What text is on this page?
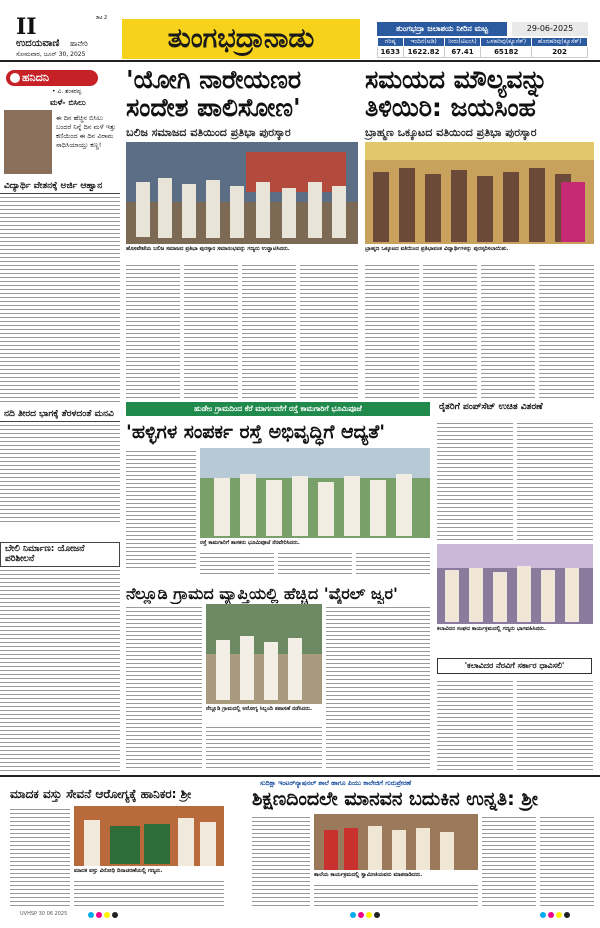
II	ಡಿಟಿ 2
ಉದಯವಾಣಿ ಹಾವೇರಿ
ಸೋಮವಾರ, ಜೂನ್ 30, 2025
ತುಂಗಭದ್ರಾನಾಡು	ತುಂಗಭದ್ರಾ ಜಲಾಶಯ ನೀರಿನ ಮಟ್ಟ	29-06-2025
ಗರಿಷ್ಠ	ಇಂದಿನ(ಅಡಿ)	ನೀರು(ಟಿಎಂಸಿ)	ಒಳಹರಿವು(ಕ್ಯೂಸೆಕ್)	ಹೊರಹರಿವು(ಕ್ಯೂಸೆಕ್)
1633	1622.82	67.41	65182	202
ಹನಿದನಿ
• ವಿ. ಶಂಕರಪ್ಪ
ಮಳೆ- ಬಿಸಿಲು
ಈ ದಿನ ಹೆಚ್ಚಿನ ಬಿಸಿಲು ಬಂದರೆ ನಿನ್ನೆ ದಿನ ಮಳೆ ಇತ್ತು ಕಣಿಯಿಂದ ಈ ದಿನ ವಿರಾಮ ಸಾಧಿಸಿಯಾಯ್ತು ಕಣ್ಣ!
ವಿದ್ಯಾರ್ಥಿ ವೇತನಕ್ಕೆ ಅರ್ಜಿ ಆಹ್ವಾನ
ನದಿ ತೀರದ ಭಾಗಕ್ಕೆ ತೆರಳದಂತೆ ಮನವಿ
ಬೇಲಿ ನಿರ್ಮಾಣ: ಯೋಜನೆ ಪರಿಶೀಲನೆ
'ಯೋಗಿ ನಾರೇಯಣರ ಸಂದೇಶ ಪಾಲಿಸೋಣ'
ಬಲಿಜ ಸಮಾಜದ ವತಿಯಿಂದ ಪ್ರತಿಭಾ ಪುರಸ್ಕಾರ
ಹೊಸಪೇಟೆಯ ಬಲಿಜ ಸಮಾಜದ ಪ್ರತಿಭಾ ಪುರಸ್ಕಾರ ಸಮಾರಂಭವನ್ನು ಗಣ್ಯರು ಉದ್ಘಾಟಿಸಿದರು.
ಸಮಯದ ಮೌಲ್ಯವನ್ನು ತಿಳಿಯಿರಿ: ಜಯಸಿಂಹ
ಬ್ರಾಹ್ಮಣ ಒಕ್ಕೂಟದ ವತಿಯಿಂದ ಪ್ರತಿಭಾ ಪುರಸ್ಕಾರ
ಬ್ರಾಹ್ಮಣ ಒಕ್ಕೂಟದ ವತಿಯಿಂದ ಪ್ರತಿಭಾವಂತ ವಿದ್ಯಾರ್ಥಿಗಳನ್ನು ಪುರಸ್ಕರಿಸಲಾಯಿತು.
ಹುಡೇಂ ಗ್ರಾಮದಿಂದ ಕೆರೆ ಮಾರ್ಗವರೆಗೆ ರಸ್ತೆ ಕಾಮಗಾರಿಗೆ ಭೂಮಿಪೂಜೆ
'ಹಳ್ಳಿಗಳ ಸಂಪರ್ಕ ರಸ್ತೆ ಅಭಿವೃದ್ಧಿಗೆ ಆದ್ಯತೆ'
ರಸ್ತೆ ಕಾಮಗಾರಿಗೆ ಶಾಸಕರು ಭೂಮಿಪೂಜೆ ನೆರವೇರಿಸಿದರು.
ನೆಲ್ಲೂಡಿ ಗ್ರಾಮದ ವ್ಯಾಪ್ತಿಯಲ್ಲಿ ಹೆಚ್ಚಿದ 'ವೈರಲ್ ಜ್ವರ'
ನೆಲ್ಲೂಡಿ ಗ್ರಾಮದಲ್ಲಿ ಆರೋಗ್ಯ ಸಿಬ್ಬಂದಿ ತಪಾಸಣೆ ನಡೆಸಿದರು.
ರೈತರಿಗೆ ಪಂಪ್‌ಸೆಟ್ ಉಚಿತ ವಿತರಣೆ
ಕಲಾವಿದರ ಸಂಘದ ಕಾರ್ಯಕ್ರಮದಲ್ಲಿ ಗಣ್ಯರು ಭಾಗವಹಿಸಿದರು.
'ಕಲಾವಿದರ ನೆರವಿಗೆ ಸರ್ಕಾರ ಧಾವಿಸಲಿ'
ಸುದಿಕ್ಷಾ ಇಂಟರ್‌ನ್ಯಾಷನಲ್ ಶಾಲೆ ಹಾಗೂ ಪಿಯು ಕಾಲೇಜಿಗೆ ಗುರುಪ್ರೇರಣೆ
ಮಾದಕ ವಸ್ತು ಸೇವನೆ ಆರೋಗ್ಯಕ್ಕೆ ಹಾನಿಕರ: ಶ್ರೀ	ಶಿಕ್ಷಣದಿಂದಲೇ ಮಾನವನ ಬದುಕಿನ ಉನ್ನತಿ: ಶ್ರೀ
ಮಾದಕ ವಸ್ತು ವಿರೋಧಿ ದಿನಾಚರಣೆಯಲ್ಲಿ ಗಣ್ಯರು.
ಶಾಲೆಯ ಕಾರ್ಯಕ್ರಮದಲ್ಲಿ ಸ್ವಾಮೀಜಿಯವರು ಮಾತನಾಡಿದರು.
UVHSP 30 06 2025
